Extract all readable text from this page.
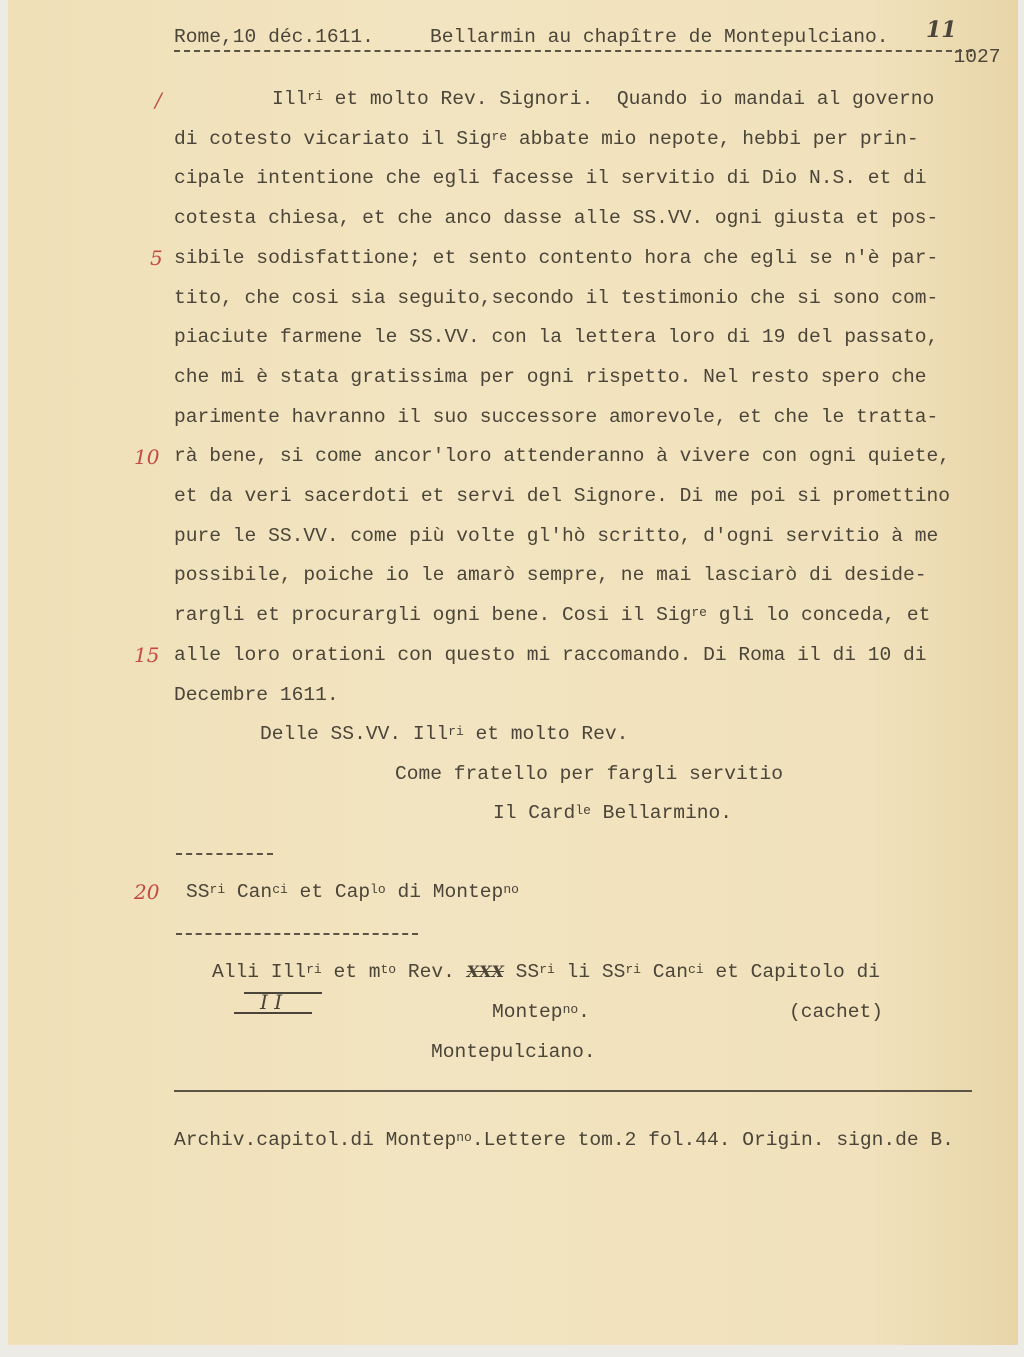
Rome,10 déc.1611.	Bellarmin au chapître de Montepulciano.

1027

11
/
5
10
15
20
Ill$^{ri}$ et molto Rev. Signori.  Quando io mandai al governo
di cotesto vicariato il Sig$^{re}$ abbate mio nepote, hebbi per prin-
cipale intentione che egli facesse il servitio di Dio N.S. et di
cotesta chiesa, et che anco dasse alle SS.VV. ogni giusta et pos-
sibile sodisfattione; et sento contento hora che egli se n'è par-
tito, che cosi sia seguito,secondo il testimonio che si sono com-
piaciute farmene le SS.VV. con la lettera loro di 19 del passato,
che mi è stata gratissima per ogni rispetto. Nel resto spero che
parimente havranno il suo successore amorevole, et che le tratta-
rà bene, si come ancor'loro attenderanno à vivere con ogni quiete,
et da veri sacerdoti et servi del Signore. Di me poi si promettino
pure le SS.VV. come più volte gl'hò scritto, d'ogni servitio à me
possibile, poiche io le amarò sempre, ne mai lasciarò di deside-
rargli et procurargli ogni bene. Cosi il Sig$^{re}$ gli lo conceda, et
alle loro orationi con questo mi raccomando. Di Roma il di 10 di
Decembre 1611.
Delle SS.VV. Ill$^{ri}$ et molto Rev.
Come fratello per fargli servitio
Il Card$^{le}$ Bellarmino.
$SS^{ri}$ Can$^{ci}$ et Cap$^{lo}$ di Montep$^{no}$
Alli Ill$^{ri}$ et $m^{to}$ Rev. XXX $SS^{ri}$ li $SS^{ri}$ Can$^{ci}$ et Capitolo di
Montep$^{no}$.	(cachet)
Montepulciano.
I I
Archiv.capitol.di Montep$^{no}$.Lettere tom.2 fol.44. Origin. sign.de B.
